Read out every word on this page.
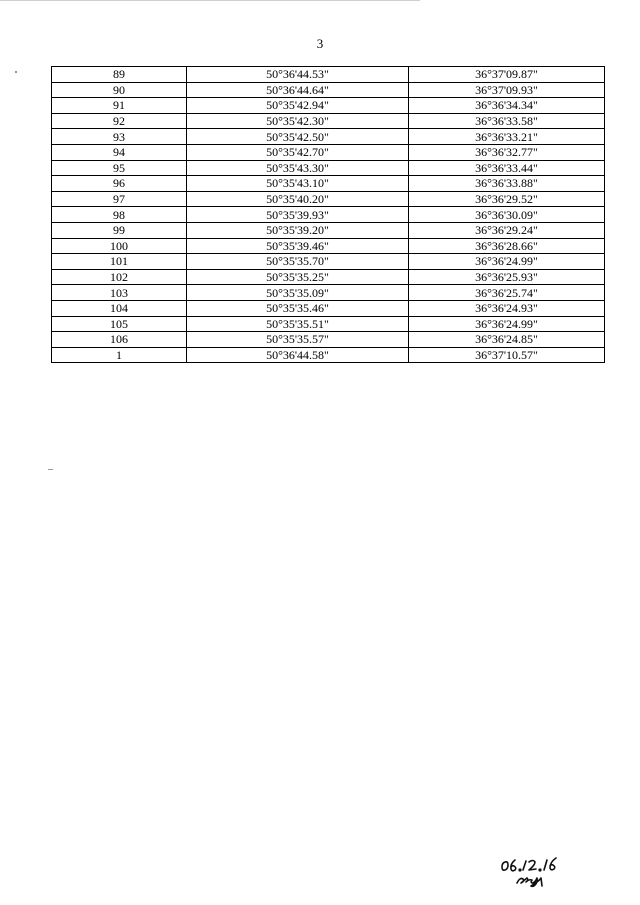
3
89	50°36'44.53"	36°37'09.87"
90	50°36'44.64"	36°37'09.93"
91	50°35'42.94"	36°36'34.34"
92	50°35'42.30"	36°36'33.58"
93	50°35'42.50"	36°36'33.21"
94	50°35'42.70"	36°36'32.77"
95	50°35'43.30"	36°36'33.44"
96	50°35'43.10"	36°36'33.88"
97	50°35'40.20"	36°36'29.52"
98	50°35'39.93"	36°36'30.09"
99	50°35'39.20"	36°36'29.24"
100	50°35'39.46"	36°36'28.66"
101	50°35'35.70"	36°36'24.99"
102	50°35'35.25"	36°36'25.93"
103	50°35'35.09"	36°36'25.74"
104	50°35'35.46"	36°36'24.93"
105	50°35'35.51"	36°36'24.99"
106	50°35'35.57"	36°36'24.85"
1	50°36'44.58"	36°37'10.57"
